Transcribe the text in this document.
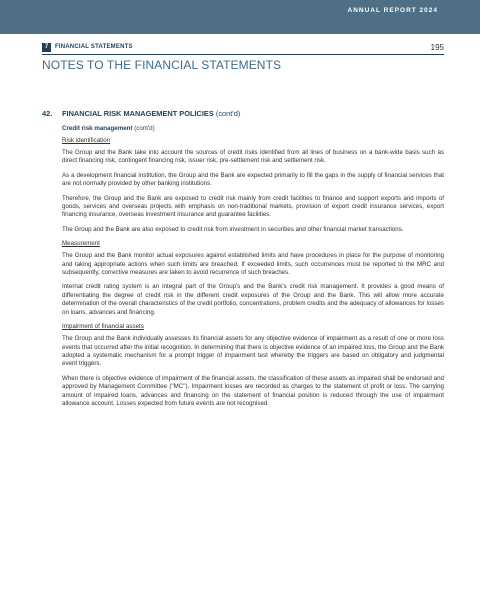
ANNUAL REPORT 2024
7	FINANCIAL STATEMENTS	195
NOTES TO THE FINANCIAL STATEMENTS
42.	FINANCIAL RISK MANAGEMENT POLICIES (cont'd)
Credit risk management (cont'd)
Risk identification

The Group and the Bank take into account the sources of credit risks identified from all lines of business on a bank-wide basis such as direct financing risk, contingent financing risk, issuer risk, pre-settlement risk and settlement risk.

As a development financial institution, the Group and the Bank are expected primarily to fill the gaps in the supply of financial services that are not normally provided by other banking institutions.

Therefore, the Group and the Bank are exposed to credit risk mainly from credit facilities to finance and support exports and imports of goods, services and overseas projects with emphasis on non-traditional markets, provision of export credit insurance services, export financing insurance, overseas investment insurance and guarantee facilities.

The Group and the Bank are also exposed to credit risk from investment in securities and other financial market transactions.

Measurement

The Group and the Bank monitor actual exposures against established limits and have procedures in place for the purpose of monitoring and taking appropriate actions when such limits are breached. If exceeded limits, such occurrences must be reported to the MRC and subsequently, corrective measures are taken to avoid recurrence of such breaches.

Internal credit rating system is an integral part of the Group's and the Bank's credit risk management. It provides a good means of differentiating the degree of credit risk in the different credit exposures of the Group and the Bank. This will allow more accurate determination of the overall characteristics of the credit portfolio, concentrations, problem credits and the adequacy of allowances for losses on loans, advances and financing.

Impairment of financial assets

The Group and the Bank individually assesses its financial assets for any objective evidence of impairment as a result of one or more loss events that occurred after the initial recognition. In determining that there is objective evidence of an impaired loss, the Group and the Bank adopted a systematic mechanism for a prompt trigger of impairment test whereby the triggers are based on obligatory and judgmental event triggers.

When there is objective evidence of impairment of the financial assets, the classification of these assets as impaired shall be endorsed and approved by Management Committee ("MC"). Impairment losses are recorded as charges to the statement of profit or loss. The carrying amount of impaired loans, advances and financing on the statement of financial position is reduced through the use of impairment allowance account. Losses expected from future events are not recognised.
